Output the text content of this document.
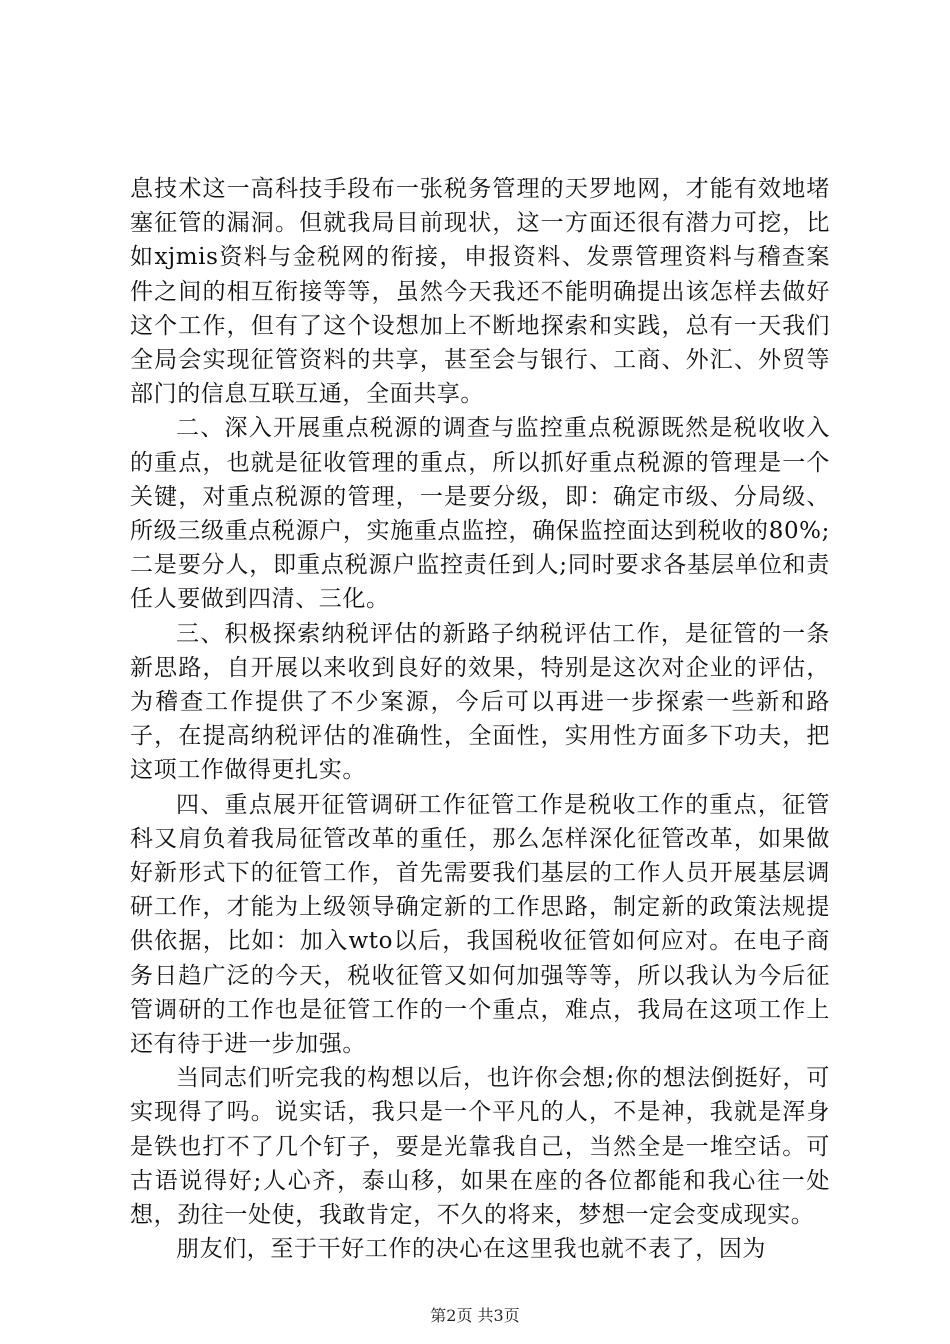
息技术这一高科技手段布一张税务管理的天罗地网，才能有效地堵塞征管的漏洞。但就我局目前现状，这一方面还很有潜力可挖，比如xjmis资料与金税网的衔接，申报资料、发票管理资料与稽查案件之间的相互衔接等等，虽然今天我还不能明确提出该怎样去做好这个工作，但有了这个设想加上不断地探索和实践，总有一天我们全局会实现征管资料的共享，甚至会与银行、工商、外汇、外贸等部门的信息互联互通，全面共享。

二、深入开展重点税源的调查与监控重点税源既然是税收收入的重点，也就是征收管理的重点，所以抓好重点税源的管理是一个关键，对重点税源的管理，一是要分级，即：确定市级、分局级、所级三级重点税源户，实施重点监控，确保监控面达到税收的80%;二是要分人，即重点税源户监控责任到人;同时要求各基层单位和责任人要做到四清、三化。

三、积极探索纳税评估的新路子纳税评估工作，是征管的一条新思路，自开展以来收到良好的效果，特别是这次对企业的评估，为稽查工作提供了不少案源，今后可以再进一步探索一些新和路子，在提高纳税评估的准确性，全面性，实用性方面多下功夫，把这项工作做得更扎实。

四、重点展开征管调研工作征管工作是税收工作的重点，征管科又肩负着我局征管改革的重任，那么怎样深化征管改革，如果做好新形式下的征管工作，首先需要我们基层的工作人员开展基层调研工作，才能为上级领导确定新的工作思路，制定新的政策法规提供依据，比如：加入wto以后，我国税收征管如何应对。在电子商务日趋广泛的今天，税收征管又如何加强等等，所以我认为今后征管调研的工作也是征管工作的一个重点，难点，我局在这项工作上还有待于进一步加强。

当同志们听完我的构想以后，也许你会想;你的想法倒挺好，可实现得了吗。说实话，我只是一个平凡的人，不是神，我就是浑身是铁也打不了几个钉子，要是光靠我自己，当然全是一堆空话。可古语说得好;人心齐，泰山移，如果在座的各位都能和我心往一处想，劲往一处使，我敢肯定，不久的将来，梦想一定会变成现实。

朋友们，至于干好工作的决心在这里我也就不表了，因为

第2页 共3页
